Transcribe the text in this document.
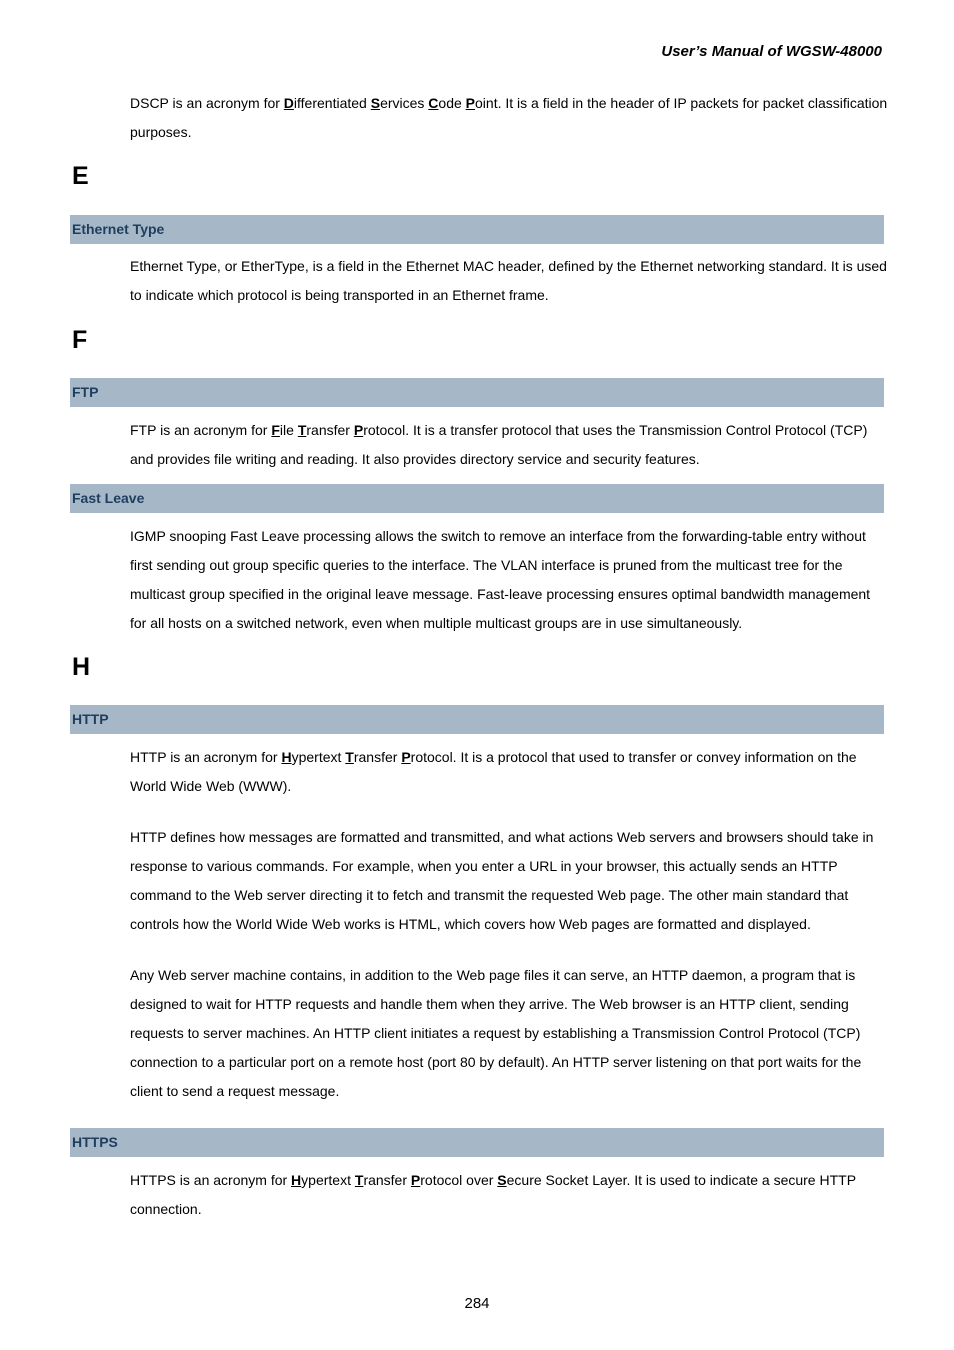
User’s Manual of WGSW-48000

DSCP is an acronym for Differentiated Services Code Point. It is a field in the header of IP packets for packet classification purposes.

E
Ethernet Type

Ethernet Type, or EtherType, is a field in the Ethernet MAC header, defined by the Ethernet networking standard. It is used to indicate which protocol is being transported in an Ethernet frame.

F
FTP

FTP is an acronym for File Transfer Protocol. It is a transfer protocol that uses the Transmission Control Protocol (TCP) and provides file writing and reading. It also provides directory service and security features.

Fast Leave

IGMP snooping Fast Leave processing allows the switch to remove an interface from the forwarding-table entry without first sending out group specific queries to the interface. The VLAN interface is pruned from the multicast tree for the multicast group specified in the original leave message. Fast-leave processing ensures optimal bandwidth management for all hosts on a switched network, even when multiple multicast groups are in use simultaneously.

H
HTTP

HTTP is an acronym for Hypertext Transfer Protocol. It is a protocol that used to transfer or convey information on the World Wide Web (WWW).

HTTP defines how messages are formatted and transmitted, and what actions Web servers and browsers should take in response to various commands. For example, when you enter a URL in your browser, this actually sends an HTTP command to the Web server directing it to fetch and transmit the requested Web page. The other main standard that controls how the World Wide Web works is HTML, which covers how Web pages are formatted and displayed.

Any Web server machine contains, in addition to the Web page files it can serve, an HTTP daemon, a program that is designed to wait for HTTP requests and handle them when they arrive. The Web browser is an HTTP client, sending requests to server machines. An HTTP client initiates a request by establishing a Transmission Control Protocol (TCP) connection to a particular port on a remote host (port 80 by default). An HTTP server listening on that port waits for the client to send a request message.

HTTPS

HTTPS is an acronym for Hypertext Transfer Protocol over Secure Socket Layer. It is used to indicate a secure HTTP connection.

284
